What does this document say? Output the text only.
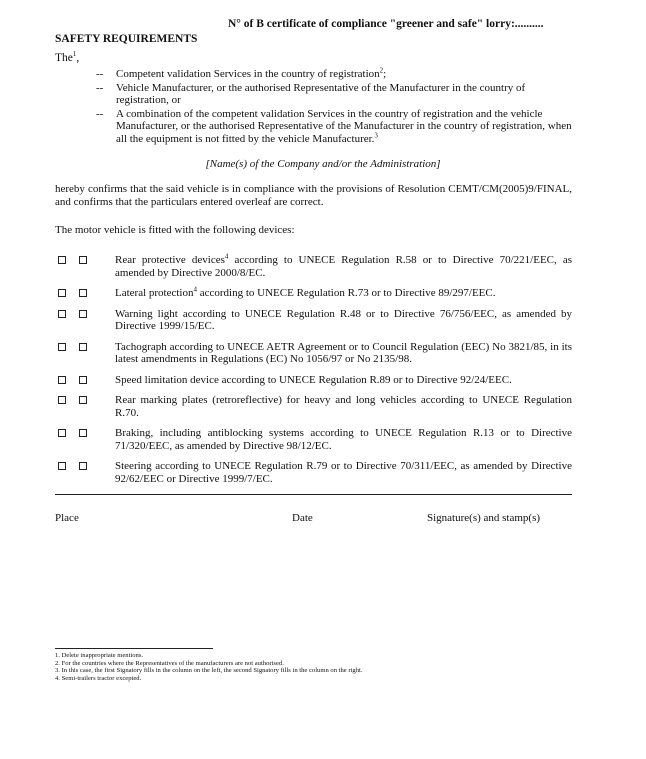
N° of B certificate of compliance "greener and safe" lorry:..........
SAFETY REQUIREMENTS
The$^1$,
-- Competent validation Services in the country of registration$^2$;
-- Vehicle Manufacturer, or the authorised Representative of the Manufacturer in the country of registration, or
-- A combination of the competent validation Services in the country of registration and the vehicle Manufacturer, or the authorised Representative of the Manufacturer in the country of registration, when all the equipment is not fitted by the vehicle Manufacturer.$^3$
[Name(s) of the Company and/or the Administration]
hereby confirms that the said vehicle is in compliance with the provisions of Resolution CEMT/CM(2005)9/FINAL, and confirms that the particulars entered overleaf are correct.
The motor vehicle is fitted with the following devices:
Rear protective devices$^4$ according to UNECE Regulation R.58 or to Directive 70/221/EEC, as amended by Directive 2000/8/EC.
Lateral protection$^4$ according to UNECE Regulation R.73 or to Directive 89/297/EEC.
Warning light according to UNECE Regulation R.48 or to Directive 76/756/EEC, as amended by Directive 1999/15/EC.
Tachograph according to UNECE AETR Agreement or to Council Regulation (EEC) No 3821/85, in its latest amendments in Regulations (EC) No 1056/97 or No 2135/98.
Speed limitation device according to UNECE Regulation R.89 or to Directive 92/24/EEC.
Rear marking plates (retroreflective) for heavy and long vehicles according to UNECE Regulation R.70.
Braking, including antiblocking systems according to UNECE Regulation R.13 or to Directive 71/320/EEC, as amended by Directive 98/12/EC.
Steering according to UNECE Regulation R.79 or to Directive 70/311/EEC, as amended by Directive 92/62/EEC or Directive 1999/7/EC.
Place	Date	Signature(s) and stamp(s)
1. Delete inappropriate mentions.
2. For the countries where the Representatives of the manufacturers are not authorised.
3. In this case, the first Signatory fills in the column on the left, the second Signatory fills in the column on the right.
4. Semi-trailers tractor excepted.
